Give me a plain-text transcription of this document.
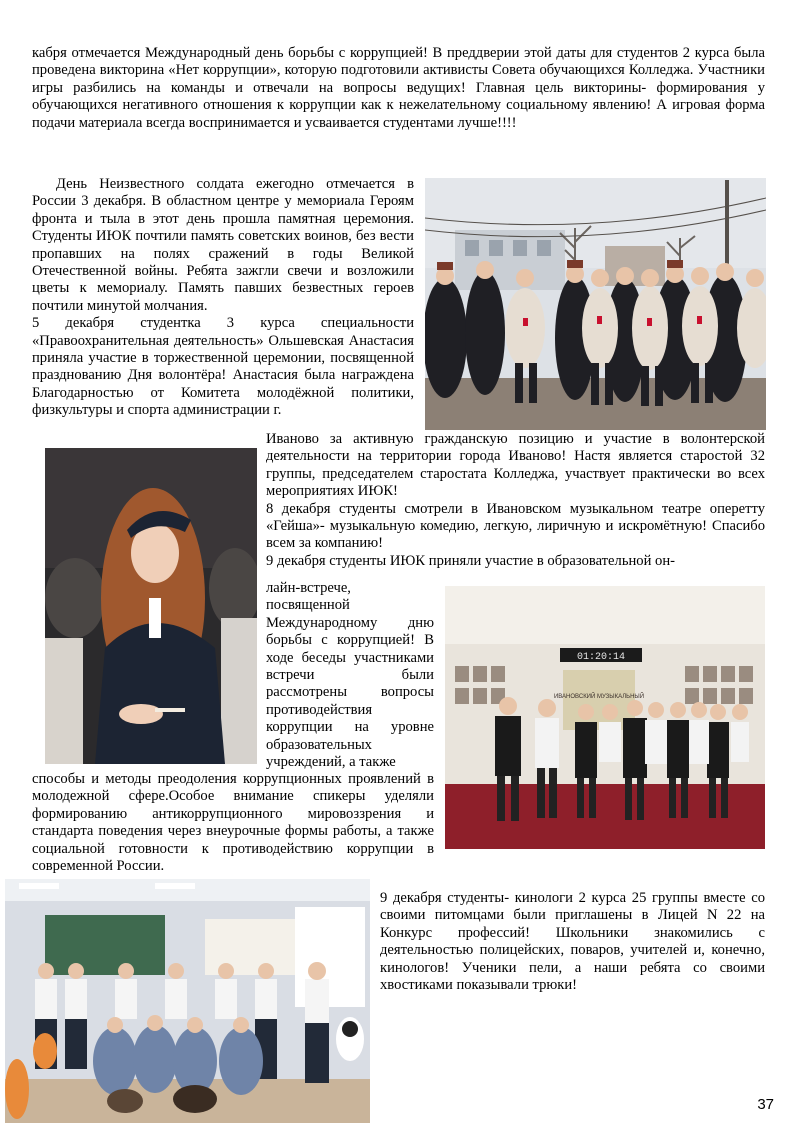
кабря отмечается Международный день борьбы с коррупцией! В преддверии этой даты для студентов 2 курса была проведена викторина «Нет коррупции», которую подготовили активисты Совета обучающихся Колледжа. Участники игры разбились на команды и отвечали на вопросы ведущих! Главная цель викторины- формирования у обучающихся негативного отношения к коррупции как к нежелательному социальному явлению! А игровая форма подачи материала всегда воспринимается и усваивается студентами лучше!!!!

День Неизвестного солдата ежегодно отмечается в России 3 декабря. В областном центре у мемориала Героям фронта и тыла в этот день прошла памятная церемония. Студенты ИЮК почтили память советских воинов, без вести пропавших на полях сражений в годы Великой Отечественной войны. Ребята зажгли свечи и возложили цветы к мемориалу. Память павших безвестных героев почтили минутой молчания.

5 декабря студентка 3 курса специальности «Правоохранительная деятельность» Ольшевская Анастасия приняла участие в торжественной церемонии, посвященной празднованию Дня волонтёра! Анастасия была награждена Благодарностью от Комитета молодёжной политики, физкультуры и спорта администрации г.

Иваново за активную гражданскую позицию и участие в волонтерской деятельности на территории города Иваново! Настя является старостой 32 группы, председателем старостата Колледжа, участвует практически во всех мероприятиях ИЮК!

8 декабря студенты смотрели в Ивановском музыкальном театре оперетту «Гейша»- музыкальную комедию, легкую, лиричную и искромётную! Спасибо всем за компанию!

9 декабря студенты ИЮК приняли участие в образовательной он-

лайн-встрече, посвященной Международному дню борьбы с коррупцией! В ходе беседы участниками встречи были рассмотрены вопросы противодействия коррупции на уровне образовательных учреждений, а также

01:20:14
ИВАНОВСКИЙ МУЗЫКАЛЬНЫЙ

способы и методы преодоления коррупционных проявлений в молодежной сфере.Особое внимание спикеры уделяли формированию антикоррупционного мировоззрения и стандарта поведения через внеурочные формы работы, а также социальной готовности к противодействию коррупции в современной России.

9 декабря студенты- кинологи 2 курса 25 группы вместе со своими питомцами были приглашены в Лицей N 22 на Конкурс профессий! Школьники знакомились с деятельностью полицейских, поваров, учителей и, конечно, кинологов! Ученики пели, а наши ребята со своими хвостиками показывали трюки!

37
